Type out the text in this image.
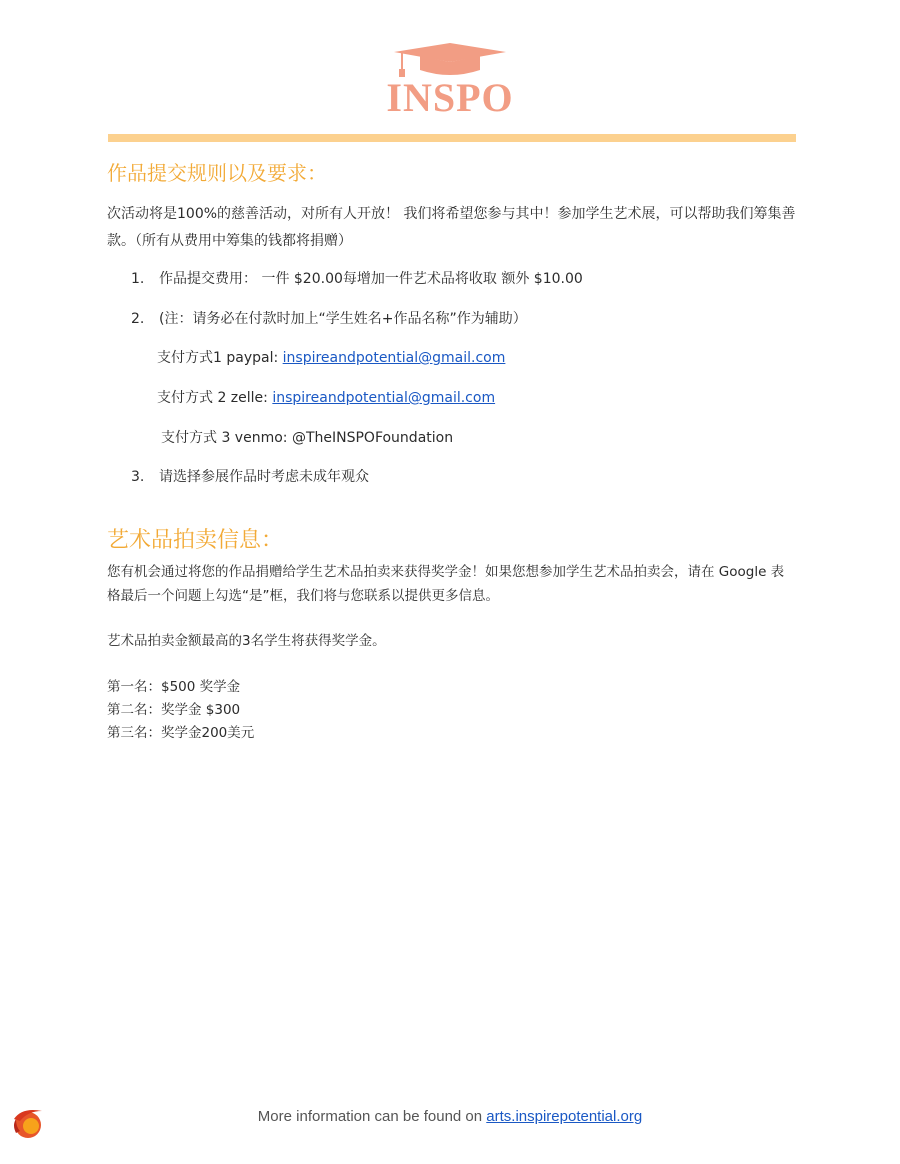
INSPO
作品提交规则以及要求：
次活动将是100%的慈善活动，对所有人开放！ 我们将希望您参与其中！参加学生艺术展，可以帮助我们筹集善款。（所有从费用中筹集的钱都将捐赠）
1. 作品提交费用： 一件 $20.00每增加一件艺术品将收取 额外 $10.00
2. (注：请务必在付款时加上“学生姓名+作品名称”作为辅助）
支付方式1 paypal: inspireandpotential@gmail.com
支付方式 2 zelle: inspireandpotential@gmail.com
支付方式 3 venmo: @TheINSPOFoundation
3. 请选择参展作品时考虑未成年观众
艺术品拍卖信息：
您有机会通过将您的作品捐赠给学生艺术品拍卖来获得奖学金！如果您想参加学生艺术品拍卖会，请在 Google 表格最后一个问题上勾选“是”框，我们将与您联系以提供更多信息。
艺术品拍卖金额最高的3名学生将获得奖学金。
第一名：$500 奖学金
第二名：奖学金 $300
第三名：奖学金200美元
More information can be found on arts.inspirepotential.org
